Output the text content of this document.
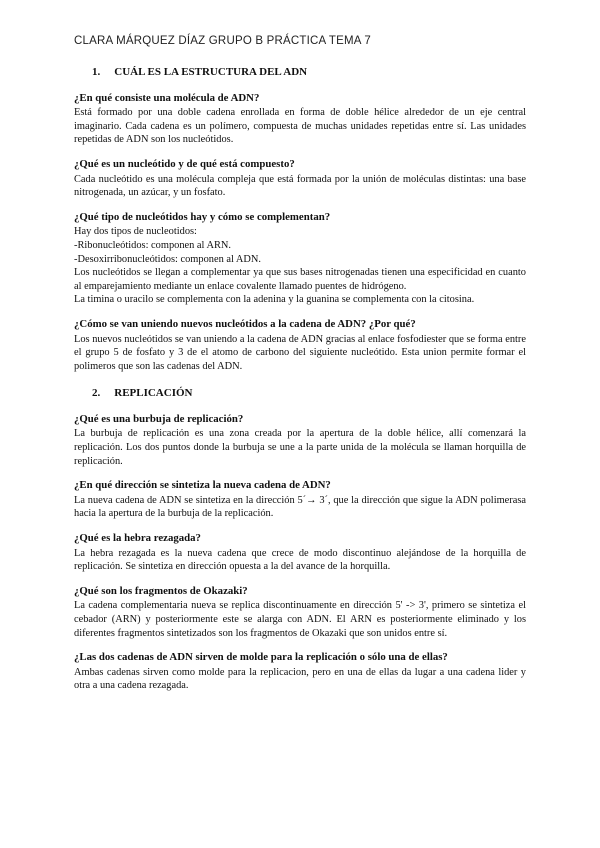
CLARA MÁRQUEZ DÍAZ GRUPO B PRÁCTICA TEMA 7
1. CUÁL ES LA ESTRUCTURA DEL ADN

¿En qué consiste una molécula de ADN?

Está formado por una doble cadena enrollada en forma de doble hélice alrededor de un eje central imaginario. Cada cadena es un polímero, compuesta de muchas unidades repetidas entre sí. Las unidades repetidas de ADN son los nucleótidos.

¿Qué es un nucleótido y de qué está compuesto?

Cada nucleótido es una molécula compleja que está formada por la unión de moléculas distintas: una base nitrogenada, un azúcar, y un fosfato.

¿Qué tipo de nucleótidos hay y cómo se complementan?

Hay dos tipos de nucleotidos:

-Ribonucleótidos: componen al ARN.

-Desoxirribonucleótidos: componen al ADN.

Los nucleótidos se llegan a complementar ya que sus bases nitrogenadas tienen una especificidad en cuanto al emparejamiento mediante un enlace covalente llamado puentes de hidrógeno.

La timina o uracilo se complementa con la adenina y la guanina se complementa con la citosina.

¿Cómo se van uniendo nuevos nucleótidos a la cadena de ADN? ¿Por qué?

Los nuevos nucleótidos se van uniendo a la cadena de ADN gracias al enlace fosfodiester que se forma entre el grupo 5 de fosfato y 3 de el atomo de carbono del siguiente nucleótido. Esta union permite formar el polimeros que son las cadenas del ADN.

2. REPLICACIÓN

¿Qué es una burbuja de replicación?

La burbuja de replicación es una zona creada por la apertura de la doble hélice, allí comenzará la replicación. Los dos puntos donde la burbuja se une a la parte unida de la molécula se llaman horquilla de replicación.

¿En qué dirección se sintetiza la nueva cadena de ADN?

La nueva cadena de ADN se sintetiza en la dirección 5´→ 3´, que la dirección que sigue la ADN polimerasa hacia la apertura de la burbuja de la replicación.

¿Qué es la hebra rezagada?

La hebra rezagada es la nueva cadena que crece de modo discontinuo alejándose de la horquilla de replicación. Se sintetiza en dirección opuesta a la del avance de la horquilla.

¿Qué son los fragmentos de Okazaki?

La cadena complementaria nueva se replica discontinuamente en dirección 5' -> 3', primero se sintetiza el cebador (ARN) y posteriormente este se alarga con ADN. El ARN es posteriormente eliminado y los diferentes fragmentos sintetizados son los fragmentos de Okazaki que son unidos entre sí.

¿Las dos cadenas de ADN sirven de molde para la replicación o sólo una de ellas?

Ambas cadenas sirven como molde para la replicacion, pero en una de ellas da lugar a una cadena lider y otra a una cadena rezagada.
